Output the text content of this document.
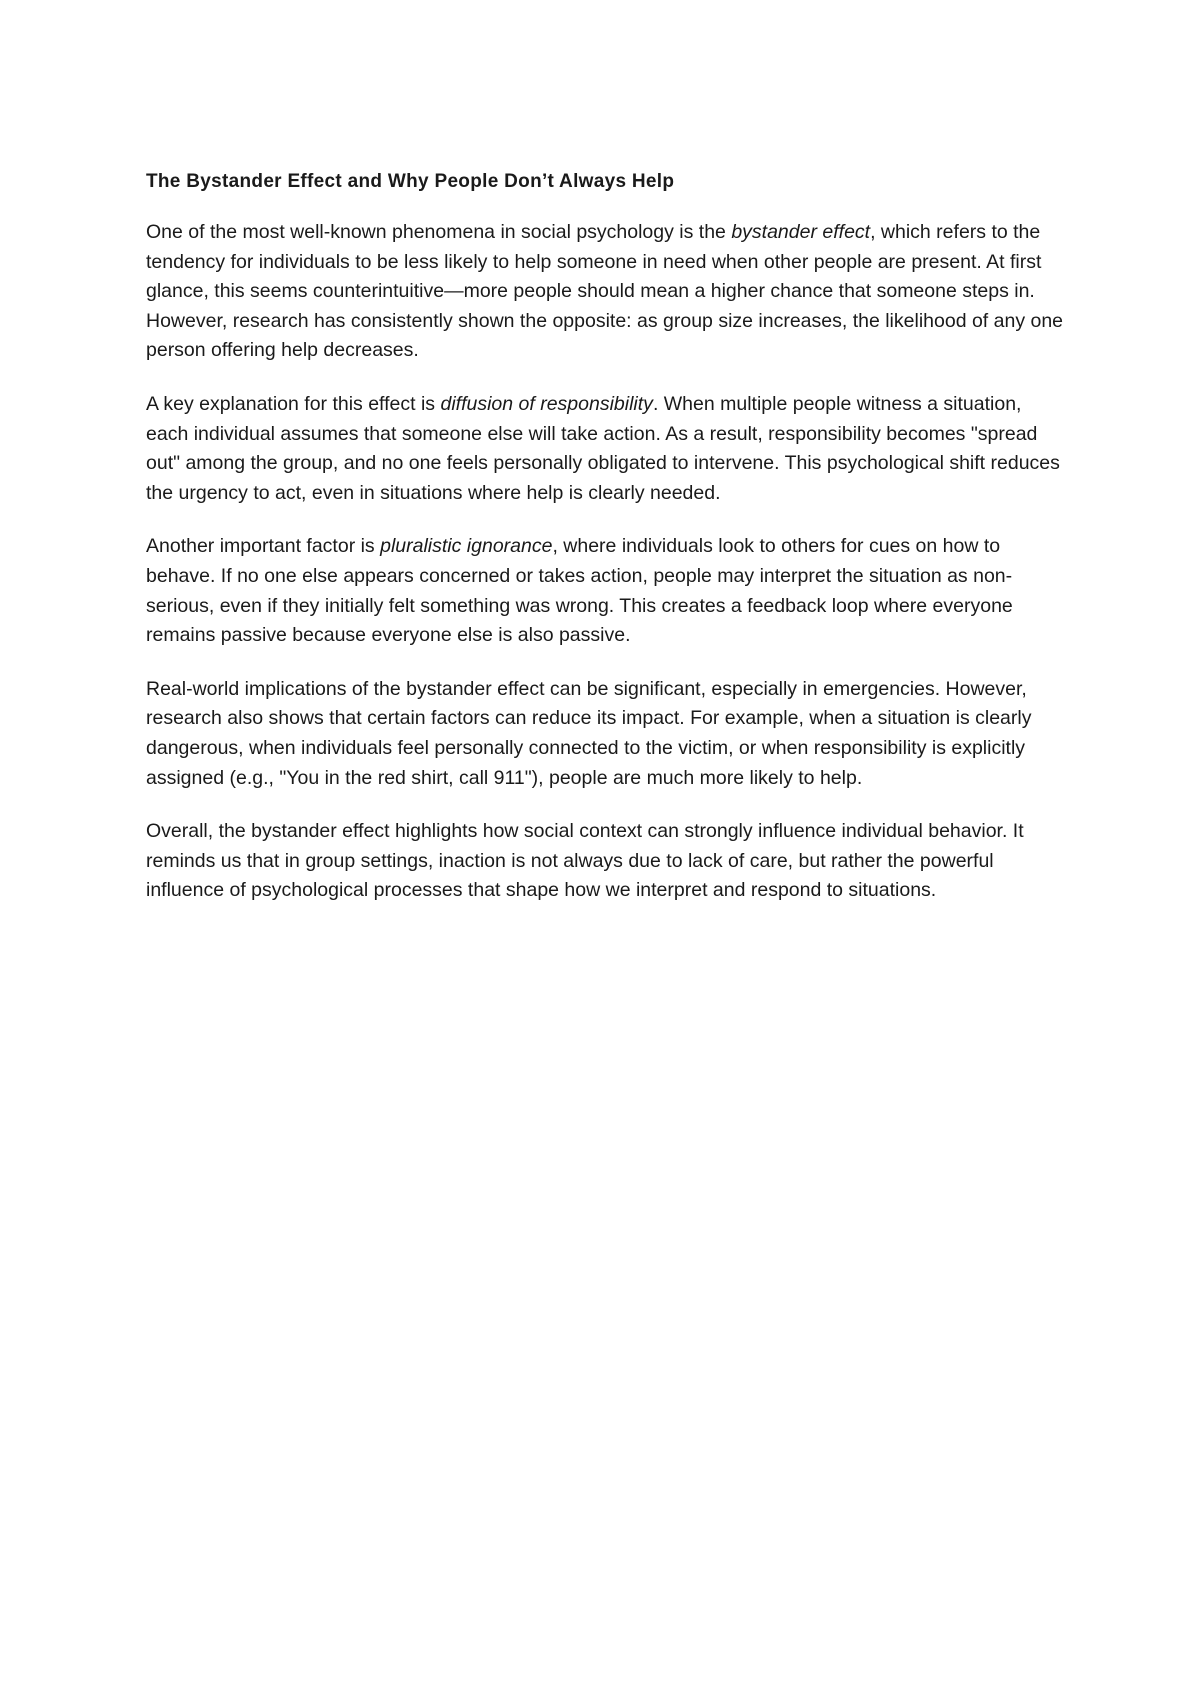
The Bystander Effect and Why People Don’t Always Help

One of the most well-known phenomena in social psychology is the bystander effect, which refers to the tendency for individuals to be less likely to help someone in need when other people are present. At first glance, this seems counterintuitive—more people should mean a higher chance that someone steps in. However, research has consistently shown the opposite: as group size increases, the likelihood of any one person offering help decreases.

A key explanation for this effect is diffusion of responsibility. When multiple people witness a situation, each individual assumes that someone else will take action. As a result, responsibility becomes "spread out" among the group, and no one feels personally obligated to intervene. This psychological shift reduces the urgency to act, even in situations where help is clearly needed.

Another important factor is pluralistic ignorance, where individuals look to others for cues on how to behave. If no one else appears concerned or takes action, people may interpret the situation as non-serious, even if they initially felt something was wrong. This creates a feedback loop where everyone remains passive because everyone else is also passive.

Real-world implications of the bystander effect can be significant, especially in emergencies. However, research also shows that certain factors can reduce its impact. For example, when a situation is clearly dangerous, when individuals feel personally connected to the victim, or when responsibility is explicitly assigned (e.g., "You in the red shirt, call 911"), people are much more likely to help.

Overall, the bystander effect highlights how social context can strongly influence individual behavior. It reminds us that in group settings, inaction is not always due to lack of care, but rather the powerful influence of psychological processes that shape how we interpret and respond to situations.
